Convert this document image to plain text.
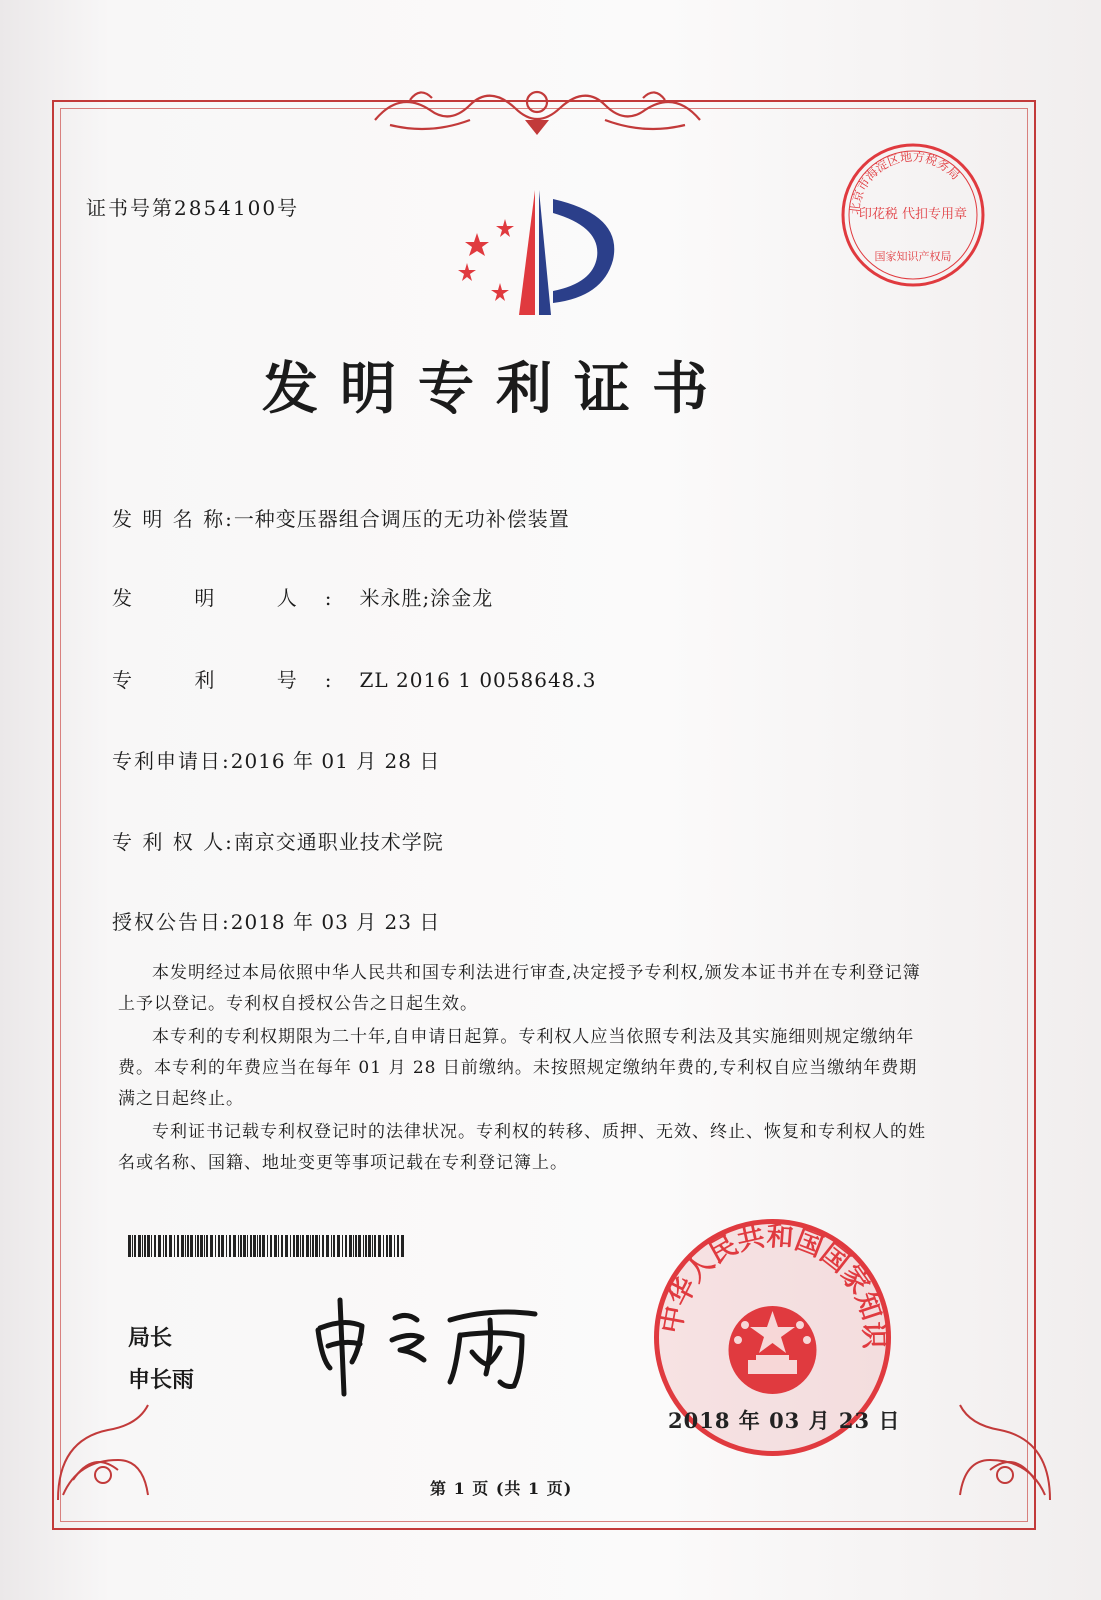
证书号第2854100号	北京市海淀区地方税务局
印花税 代扣专用章
国家知识产权局
发明专利证书
发 明 名 称:一种变压器组合调压的无功补偿装置
发 明 人:米永胜;涂金龙
专 利 号:ZL 2016 1 0058648.3
专利申请日:2016 年 01 月 28 日
专 利 权 人:南京交通职业技术学院
授权公告日:2018 年 03 月 23 日

本发明经过本局依照中华人民共和国专利法进行审查,决定授予专利权,颁发本证书并在专利登记簿上予以登记。专利权自授权公告之日起生效。

本专利的专利权期限为二十年,自申请日起算。专利权人应当依照专利法及其实施细则规定缴纳年费。本专利的年费应当在每年 01 月 28 日前缴纳。未按照规定缴纳年费的,专利权自应当缴纳年费期满之日起终止。

专利证书记载专利权登记时的法律状况。专利权的转移、质押、无效、终止、恢复和专利权人的姓名或名称、国籍、地址变更等事项记载在专利登记簿上。

局长
申长雨
中华人民共和国国家知识
2018 年 03 月 23 日
第 1 页 (共 1 页)
